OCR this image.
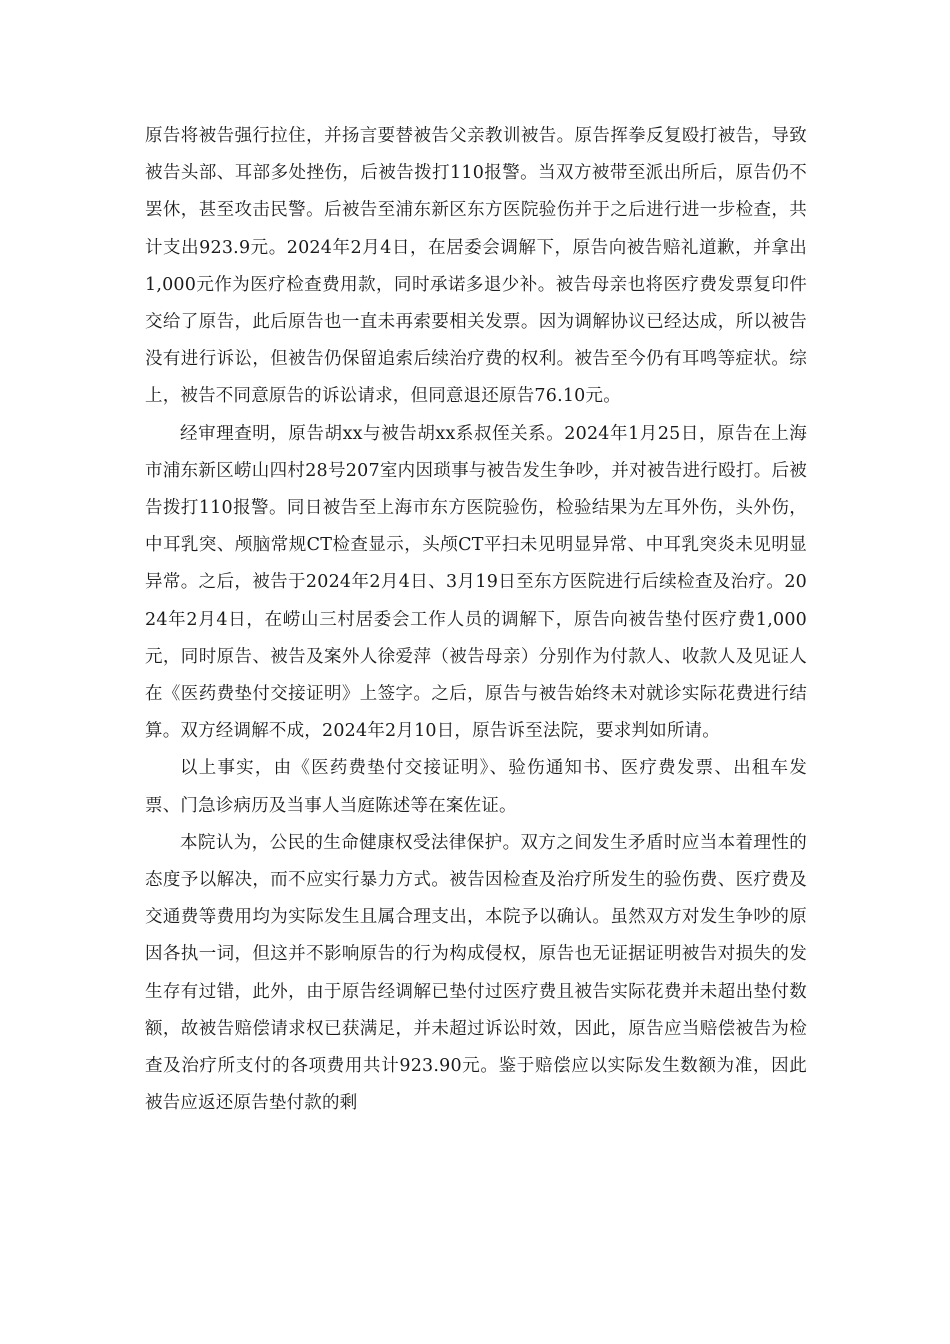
原告将被告强行拉住，并扬言要替被告父亲教训被告。原告挥拳反复殴打被告，导致被告头部、耳部多处挫伤，后被告拨打110报警。当双方被带至派出所后，原告仍不罢休，甚至攻击民警。后被告至浦东新区东方医院验伤并于之后进行进一步检查，共计支出923.9元。2024年2月4日，在居委会调解下，原告向被告赔礼道歉，并拿出1,000元作为医疗检查费用款，同时承诺多退少补。被告母亲也将医疗费发票复印件交给了原告，此后原告也一直未再索要相关发票。因为调解协议已经达成，所以被告没有进行诉讼，但被告仍保留追索后续治疗费的权利。被告至今仍有耳鸣等症状。综上，被告不同意原告的诉讼请求，但同意退还原告76.10元。

经审理查明，原告胡xx与被告胡xx系叔侄关系。2024年1月25日，原告在上海市浦东新区崂山四村28号207室内因琐事与被告发生争吵，并对被告进行殴打。后被告拨打110报警。同日被告至上海市东方医院验伤，检验结果为左耳外伤，头外伤，中耳乳突、颅脑常规CT检查显示，头颅CT平扫未见明显异常、中耳乳突炎未见明显异常。之后，被告于2024年2月4日、3月19日至东方医院进行后续检查及治疗。2024年2月4日，在崂山三村居委会工作人员的调解下，原告向被告垫付医疗费1,000元，同时原告、被告及案外人徐爱萍（被告母亲）分别作为付款人、收款人及见证人在《医药费垫付交接证明》上签字。之后，原告与被告始终未对就诊实际花费进行结算。双方经调解不成，2024年2月10日，原告诉至法院，要求判如所请。

以上事实，由《医药费垫付交接证明》、验伤通知书、医疗费发票、出租车发票、门急诊病历及当事人当庭陈述等在案佐证。

本院认为，公民的生命健康权受法律保护。双方之间发生矛盾时应当本着理性的态度予以解决，而不应实行暴力方式。被告因检查及治疗所发生的验伤费、医疗费及交通费等费用均为实际发生且属合理支出，本院予以确认。虽然双方对发生争吵的原因各执一词，但这并不影响原告的行为构成侵权，原告也无证据证明被告对损失的发生存有过错，此外，由于原告经调解已垫付过医疗费且被告实际花费并未超出垫付数额，故被告赔偿请求权已获满足，并未超过诉讼时效，因此，原告应当赔偿被告为检查及治疗所支付的各项费用共计923.90元。鉴于赔偿应以实际发生数额为准，因此被告应返还原告垫付款的剩
